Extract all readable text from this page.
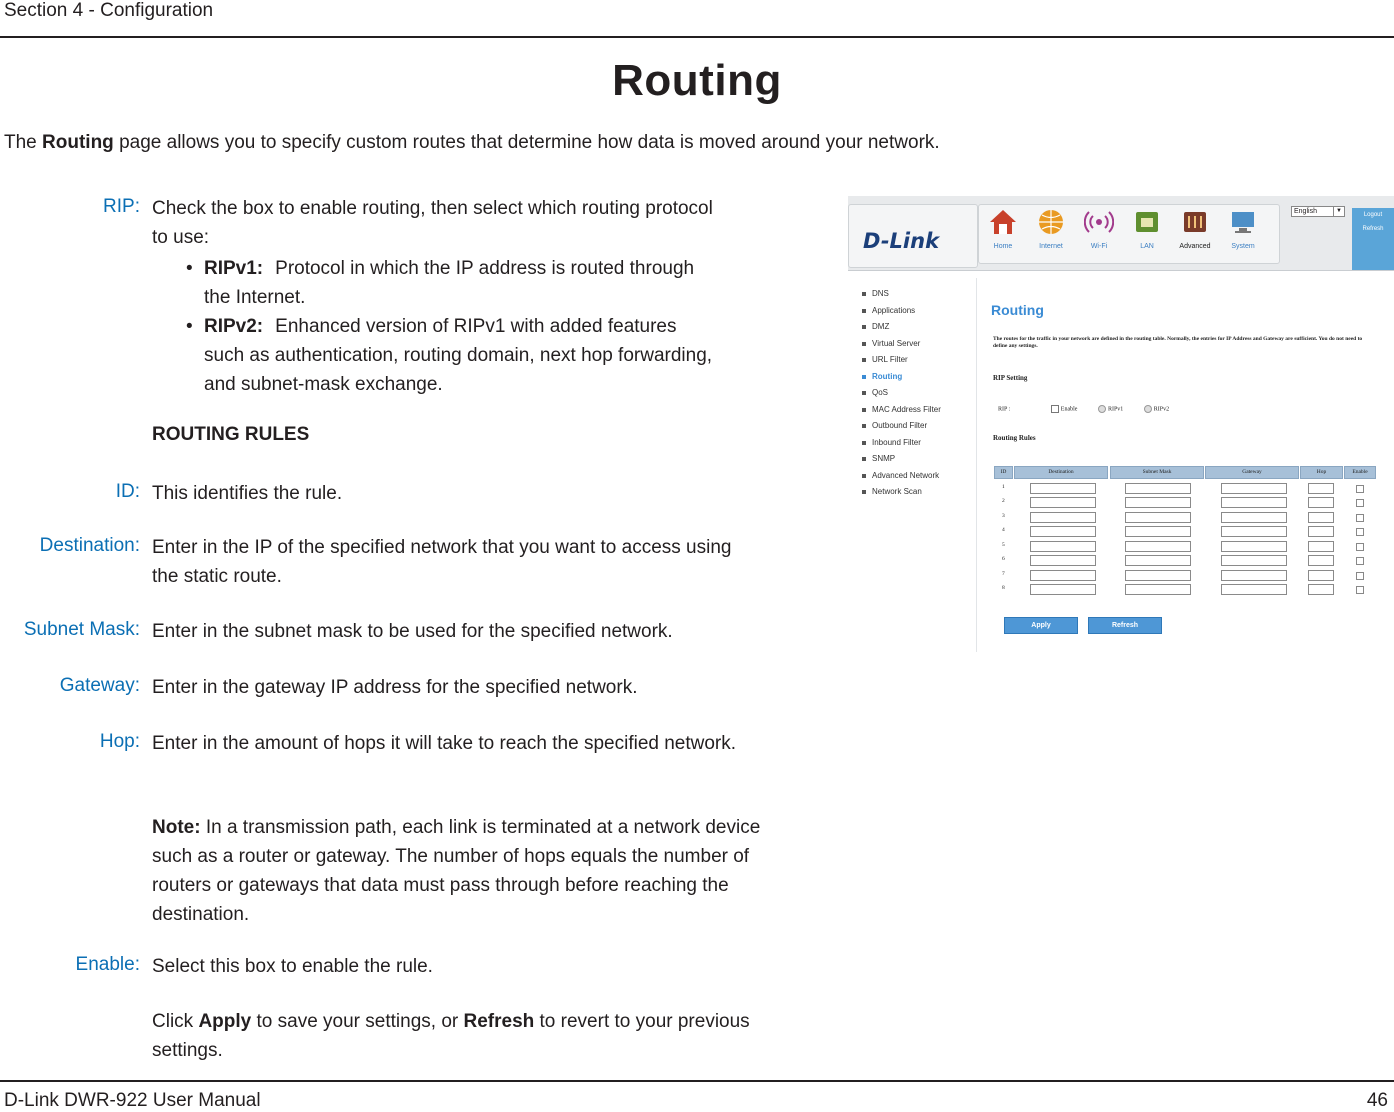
Section 4 - Configuration
Routing
The Routing page allows you to specify custom routes that determine how data is moved around your network.
RIP: Check the box to enable routing, then select which routing protocol to use:
• RIPv1: Protocol in which the IP address is routed through the Internet.
• RIPv2: Enhanced version of RIPv1 with added features such as authentication, routing domain, next hop forwarding, and subnet-mask exchange.
ROUTING RULES
ID: This identifies the rule.
Destination: Enter in the IP of the specified network that you want to access using the static route.
Subnet Mask: Enter in the subnet mask to be used for the specified network.
Gateway: Enter in the gateway IP address for the specified network.
Hop: Enter in the amount of hops it will take to reach the specified network.
Note: In a transmission path, each link is terminated at a network device such as a router or gateway. The number of hops equals the number of routers or gateways that data must pass through before reaching the destination.
Enable: Select this box to enable the rule.
Click Apply to save your settings, or Refresh to revert to your previous settings.
D-Link DWR-922 User Manual	46
D-Link	Home	Internet	Wi-Fi	LAN	Advanced	System
English	▼
Logout
Refresh
DNS
Applications
DMZ
Virtual Server
URL Filter
Routing
QoS
MAC Address Filter
Outbound Filter
Inbound Filter
SNMP
Advanced Network
Network Scan
Routing
The routes for the traffic in your network are defined in the routing table. Normally, the entries for IP Address and Gateway are sufficient. You do not need to define any settings.
RIP Setting
Routing Rules
RIP :	Enable	RIPv1	RIPv2
ID	Destination	Subnet Mask	Gateway	Hop	Enable
1
2
3
4
5
6
7
8
Apply	Refresh
